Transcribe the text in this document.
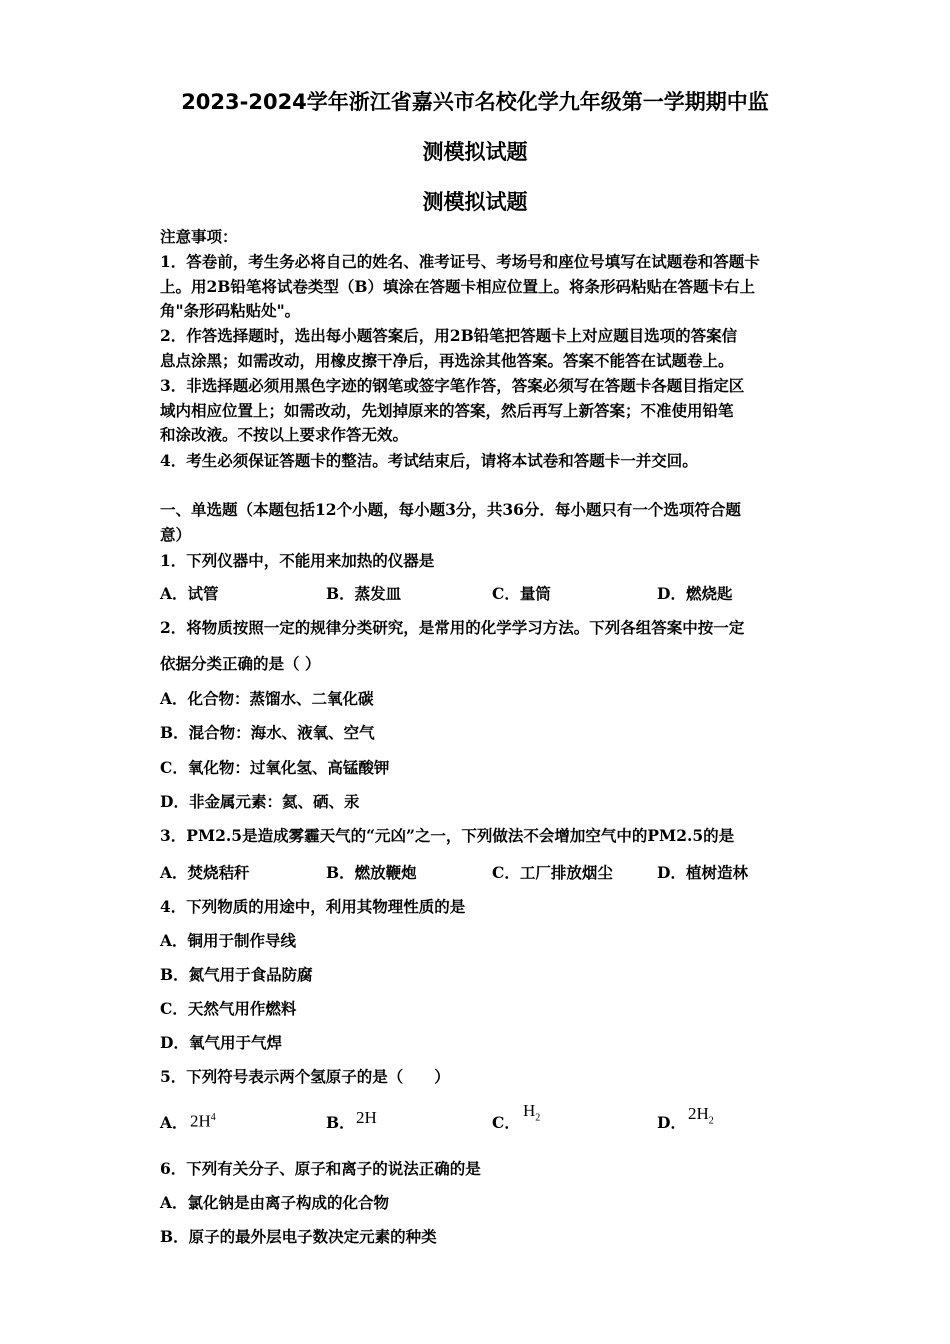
2023-2024学年浙江省嘉兴市名校化学九年级第一学期期中监
测模拟试题
测模拟试题
注意事项：
1．答卷前，考生务必将自己的姓名、准考证号、考场号和座位号填写在试题卷和答题卡
上。用2B铅笔将试卷类型（B）填涂在答题卡相应位置上。将条形码粘贴在答题卡右上
角"条形码粘贴处"。
2．作答选择题时，选出每小题答案后，用2B铅笔把答题卡上对应题目选项的答案信
息点涂黑；如需改动，用橡皮擦干净后，再选涂其他答案。答案不能答在试题卷上。
3．非选择题必须用黑色字迹的钢笔或签字笔作答，答案必须写在答题卡各题目指定区
域内相应位置上；如需改动，先划掉原来的答案，然后再写上新答案；不准使用铅笔
和涂改液。不按以上要求作答无效。
4．考生必须保证答题卡的整洁。考试结束后，请将本试卷和答题卡一并交回。
一、单选题（本题包括12个小题，每小题3分，共36分．每小题只有一个选项符合题
意）
1．下列仪器中，不能用来加热的仪器是
A．试管	B．蒸发皿	C．量筒	D．燃烧匙
2．将物质按照一定的规律分类研究，是常用的化学学习方法。下列各组答案中按一定
依据分类正确的是（ ）
A．化合物：蒸馏水、二氧化碳
B．混合物：海水、液氧、空气
C．氧化物：过氧化氢、高锰酸钾
D．非金属元素：氦、硒、汞
3．PM2.5是造成雾霾天气的“元凶”之一，下列做法不会增加空气中的PM2.5的是
A．焚烧秸秆	B．燃放鞭炮	C．工厂排放烟尘	D．植树造林
4．下列物质的用途中，利用其物理性质的是
A．铜用于制作导线
B．氮气用于食品防腐
C．天然气用作燃料
D．氧气用于气焊
5．下列符号表示两个氢原子的是（　　）
A． $2H^4$	B． 2H	C．
$H_2$	D． $2H_2$
6．下列有关分子、原子和离子的说法正确的是
A．氯化钠是由离子构成的化合物
B．原子的最外层电子数决定元素的种类
